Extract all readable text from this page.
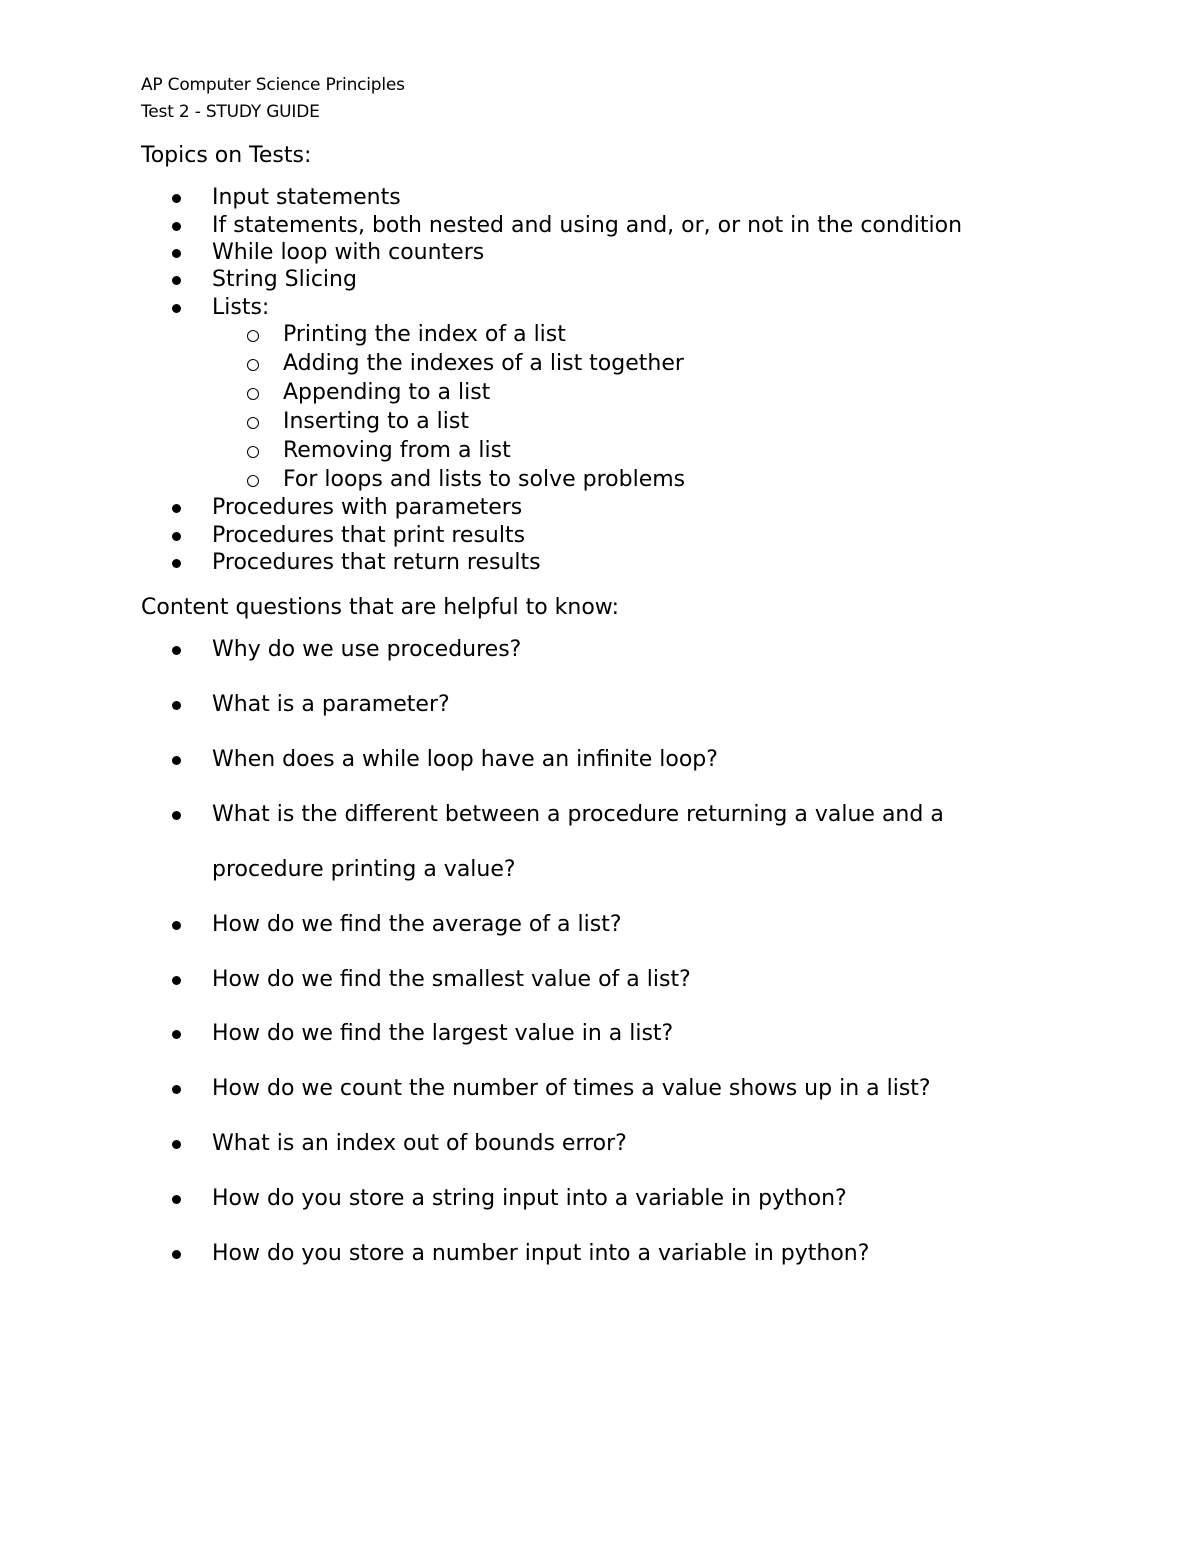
AP Computer Science Principles
Test 2 - STUDY GUIDE
Topics on Tests:
Input statements
If statements, both nested and using and, or, or not in the condition
While loop with counters
String Slicing
Lists:
Printing the index of a list
Adding the indexes of a list together
Appending to a list
Inserting to a list
Removing from a list
For loops and lists to solve problems
Procedures with parameters
Procedures that print results
Procedures that return results
Content questions that are helpful to know:
Why do we use procedures?
What is a parameter?
When does a while loop have an infinite loop?
What is the different between a procedure returning a value and a
procedure printing a value?
How do we find the average of a list?
How do we find the smallest value of a list?
How do we find the largest value in a list?
How do we count the number of times a value shows up in a list?
What is an index out of bounds error?
How do you store a string input into a variable in python?
How do you store a number input into a variable in python?
